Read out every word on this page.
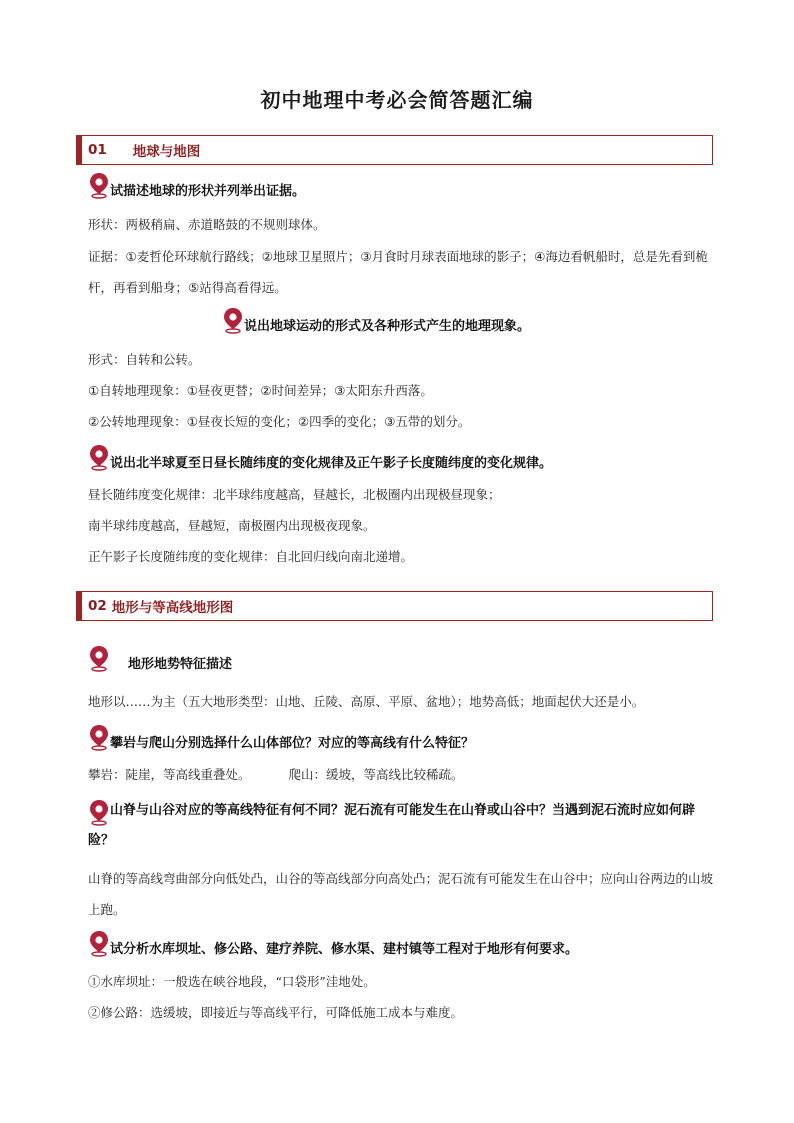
初中地理中考必会简答题汇编
01 地球与地图
试描述地球的形状并列举出证据。
形状：两极稍扁、赤道略鼓的不规则球体。
证据：①麦哲伦环球航行路线；②地球卫星照片；③月食时月球表面地球的影子；④海边看帆船时，总是先看到桅杆，再看到船身；⑤站得高看得远。
说出地球运动的形式及各种形式产生的地理现象。
形式：自转和公转。
①自转地理现象：①昼夜更替；②时间差异；③太阳东升西落。
②公转地理现象：①昼夜长短的变化；②四季的变化；③五带的划分。
说出北半球夏至日昼长随纬度的变化规律及正午影子长度随纬度的变化规律。
昼长随纬度变化规律：北半球纬度越高，昼越长，北极圈内出现极昼现象；
南半球纬度越高，昼越短，南极圈内出现极夜现象。
正午影子长度随纬度的变化规律：自北回归线向南北递增。
02 地形与等高线地形图
地形地势特征描述
地形以……为主（五大地形类型：山地、丘陵、高原、平原、盆地）；地势高低；地面起伏大还是小。
攀岩与爬山分别选择什么山体部位？对应的等高线有什么特征？
攀岩：陡崖，等高线重叠处。	爬山：缓坡，等高线比较稀疏。
山脊与山谷对应的等高线特征有何不同？泥石流有可能发生在山脊或山谷中？当遇到泥石流时应如何辟险？
山脊的等高线弯曲部分向低处凸，山谷的等高线部分向高处凸；泥石流有可能发生在山谷中；应向山谷两边的山坡上跑。
试分析水库坝址、修公路、建疗养院、修水渠、建村镇等工程对于地形有何要求。
①水库坝址：一般选在峡谷地段，“口袋形”洼地处。
②修公路：选缓坡，即接近与等高线平行，可降低施工成本与难度。
